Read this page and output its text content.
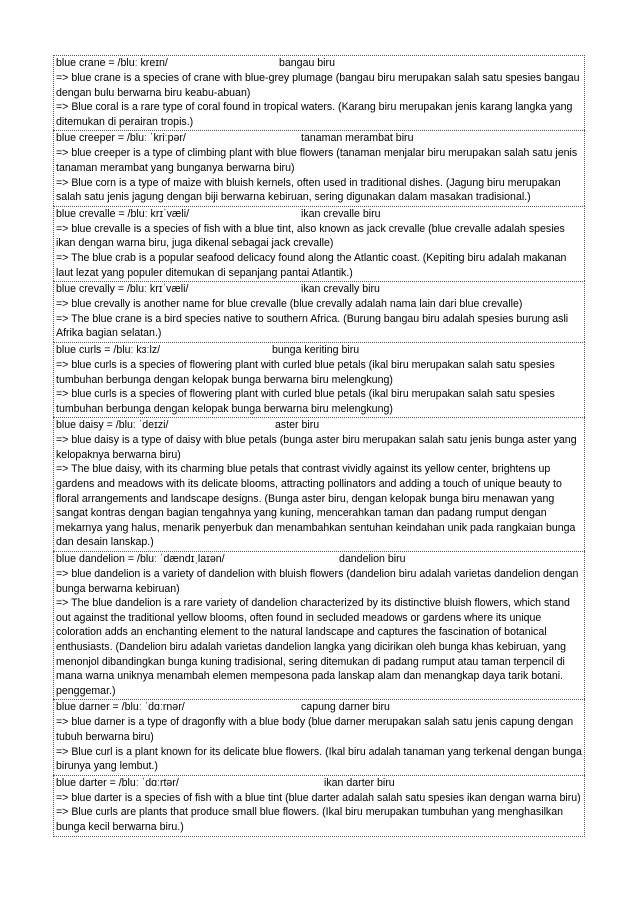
blue crane = /bluː kreɪn/	bangau biru
=> blue crane is a species of crane with blue-grey plumage (bangau biru merupakan salah satu spesies bangau dengan bulu berwarna biru keabu-abuan)
=> Blue coral is a rare type of coral found in tropical waters. (Karang biru merupakan jenis karang langka yang ditemukan di perairan tropis.)
blue creeper = /bluː ˈkriːpər/	tanaman merambat biru
=> blue creeper is a type of climbing plant with blue flowers (tanaman menjalar biru merupakan salah satu jenis tanaman merambat yang bunganya berwarna biru)
=> Blue corn is a type of maize with bluish kernels, often used in traditional dishes. (Jagung biru merupakan salah satu jenis jagung dengan biji berwarna kebiruan, sering digunakan dalam masakan tradisional.)
blue crevalle = /bluː krɪˈvæli/	ikan crevalle biru
=> blue crevalle is a species of fish with a blue tint, also known as jack crevalle (blue crevalle adalah spesies ikan dengan warna biru, juga dikenal sebagai jack crevalle)
=> The blue crab is a popular seafood delicacy found along the Atlantic coast. (Kepiting biru adalah makanan laut lezat yang populer ditemukan di sepanjang pantai Atlantik.)
blue crevally = /bluː krɪˈvæli/	ikan crevally biru
=> blue crevally is another name for blue crevalle (blue crevally adalah nama lain dari blue crevalle)
=> The blue crane is a bird species native to southern Africa. (Burung bangau biru adalah spesies burung asli Afrika bagian selatan.)
blue curls = /bluː kɜːlz/	bunga keriting biru
=> blue curls is a species of flowering plant with curled blue petals (ikal biru merupakan salah satu spesies tumbuhan berbunga dengan kelopak bunga berwarna biru melengkung)
=> blue curls is a species of flowering plant with curled blue petals (ikal biru merupakan salah satu spesies tumbuhan berbunga dengan kelopak bunga berwarna biru melengkung)
blue daisy = /bluː ˈdeɪzi/	aster biru
=> blue daisy is a type of daisy with blue petals (bunga aster biru merupakan salah satu jenis bunga aster yang kelopaknya berwarna biru)
=> The blue daisy, with its charming blue petals that contrast vividly against its yellow center, brightens up gardens and meadows with its delicate blooms, attracting pollinators and adding a touch of unique beauty to floral arrangements and landscape designs. (Bunga aster biru, dengan kelopak bunga biru menawan yang sangat kontras dengan bagian tengahnya yang kuning, mencerahkan taman dan padang rumput dengan mekarnya yang halus, menarik penyerbuk dan menambahkan sentuhan keindahan unik pada rangkaian bunga dan desain lanskap.)
blue dandelion = /bluː ˈdændɪˌlaɪən/	dandelion biru
=> blue dandelion is a variety of dandelion with bluish flowers (dandelion biru adalah varietas dandelion dengan bunga berwarna kebiruan)
=> The blue dandelion is a rare variety of dandelion characterized by its distinctive bluish flowers, which stand out against the traditional yellow blooms, often found in secluded meadows or gardens where its unique coloration adds an enchanting element to the natural landscape and captures the fascination of botanical enthusiasts. (Dandelion biru adalah varietas dandelion langka yang dicirikan oleh bunga khas kebiruan, yang menonjol dibandingkan bunga kuning tradisional, sering ditemukan di padang rumput atau taman terpencil di mana warna uniknya menambah elemen mempesona pada lanskap alam dan menangkap daya tarik botani. penggemar.)
blue darner = /bluː ˈdɑːrnər/	capung darner biru
=> blue darner is a type of dragonfly with a blue body (blue darner merupakan salah satu jenis capung dengan tubuh berwarna biru)
=> Blue curl is a plant known for its delicate blue flowers. (Ikal biru adalah tanaman yang terkenal dengan bunga birunya yang lembut.)
blue darter = /bluː ˈdɑːrtər/	ikan darter biru
=> blue darter is a species of fish with a blue tint (blue darter adalah salah satu spesies ikan dengan warna biru)
=> Blue curls are plants that produce small blue flowers. (Ikal biru merupakan tumbuhan yang menghasilkan bunga kecil berwarna biru.)
